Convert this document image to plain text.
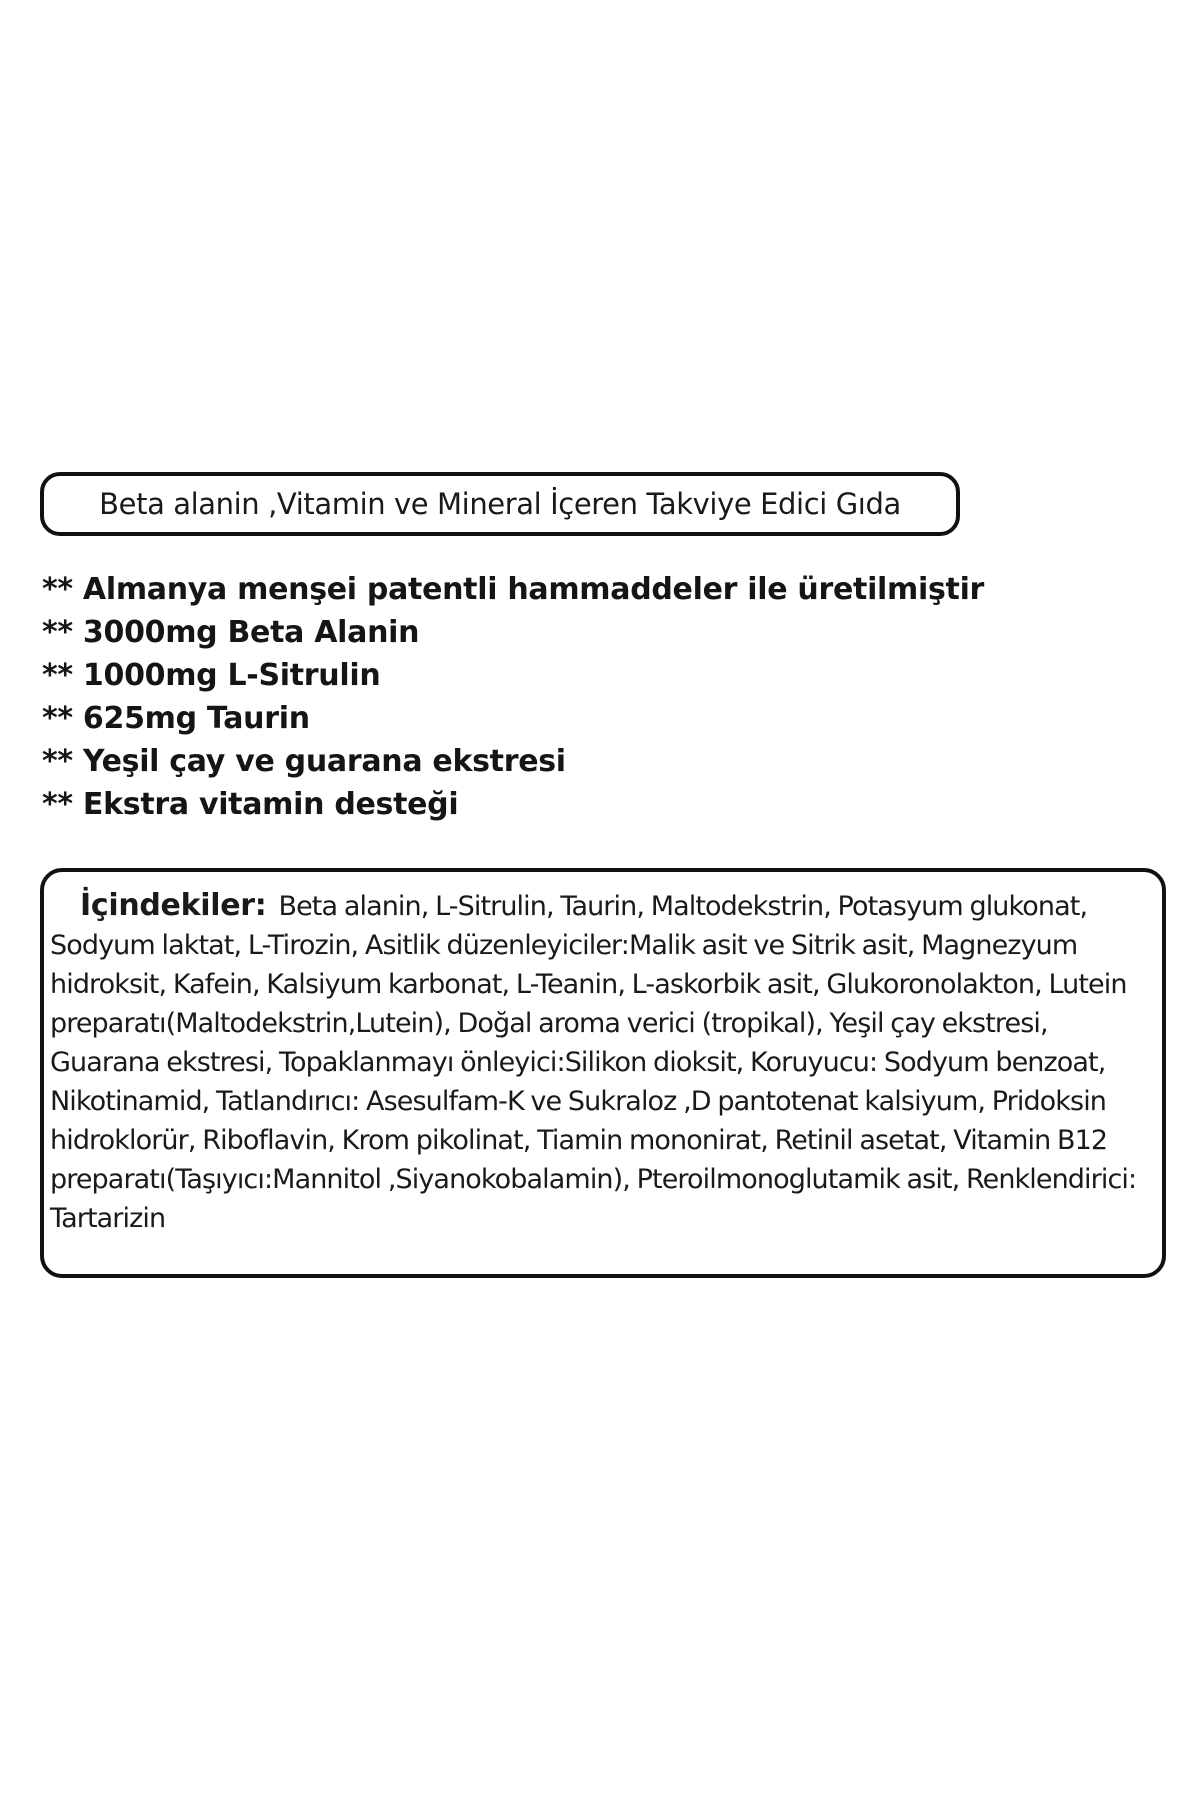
Beta alanin ,Vitamin ve Mineral İçeren Takviye Edici Gıda
** Almanya menşei patentli hammaddeler ile üretilmiştir
** 3000mg Beta Alanin
** 1000mg L-Sitrulin
** 625mg Taurin
** Yeşil çay ve guarana ekstresi
** Ekstra vitamin desteği
İçindekiler: Beta alanin, L-Sitrulin, Taurin, Maltodekstrin, Potasyum glukonat, Sodyum laktat, L-Tirozin, Asitlik düzenleyiciler:Malik asit ve Sitrik asit, Magnezyum hidroksit, Kafein, Kalsiyum karbonat, L-Teanin, L-askorbik asit, Glukoronolakton, Lutein preparatı(Maltodekstrin,Lutein), Doğal aroma verici (tropikal), Yeşil çay ekstresi, Guarana ekstresi, Topaklanmayı önleyici:Silikon dioksit, Koruyucu: Sodyum benzoat, Nikotinamid, Tatlandırıcı: Asesulfam-K ve Sukraloz ,D pantotenat kalsiyum, Pridoksin hidroklorür, Riboflavin, Krom pikolinat, Tiamin mononirat, Retinil asetat, Vitamin B12 preparatı(Taşıyıcı:Mannitol ,Siyanokobalamin), Pteroilmonoglutamik asit, Renklendirici: Tartarizin
